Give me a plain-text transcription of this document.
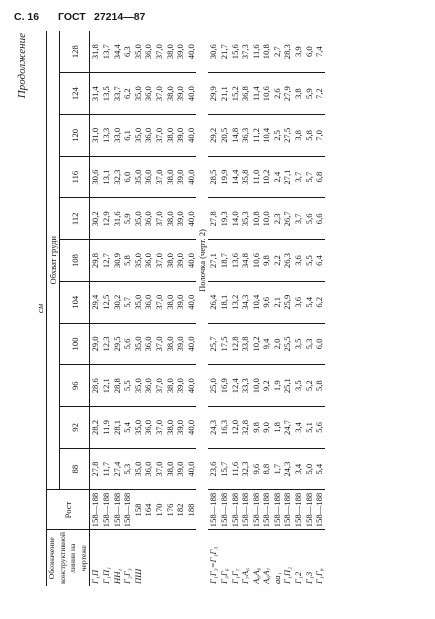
С. 16 ГОСТ 27214—87
Продолжение
см												
Обозначение конструктивной линии на чертеже	Рост	Обхват груди										
		88	92	96	100	104	108	112	116	120	124	128
Г₁П	158—188	27,8	28,2	28,6	29,0	29,4	29,8	30,2	30,6	31,0	31,4	31,8
Г₁П₁	158—188	11,7	11,9	12,1	12,3	12,5	12,7	12,9	13,1	13,3	13,5	13,7
НН₁	158—188	27,4	28,1	28,8	29,5	30,2	30,9	31,6	32,3	33,0	33,7	34,4
Г₂Г₃	158—188	5,3	5,4	5,5	5,6	5,7	5,8	5,9	6,0	6,1	6,2	6,3
ПШ	158	35,0	35,0	35,0	35,0	35,0	35,0	35,0	35,0	35,0	35,0	35,0
	164	36,0	36,0	36,0	36,0	36,0	36,0	36,0	36,0	36,0	36,0	36,0
	170	37,0	37,0	37,0	37,0	37,0	37,0	37,0	37,0	37,0	37,0	37,0
	176	38,0	38,0	38,0	38,0	38,0	38,0	38,0	38,0	38,0	38,0	38,0
	182	39,0	39,0	39,0	39,0	39,0	39,0	39,0	39,0	39,0	39,0	39,0
	188	40,0	40,0	40,0	40,0	40,0	40,0	40,0	40,0	40,0	40,0	40,0
		Полочка (черт. 2)										
Г₁Г₃=Г₁Г₃	158—188	23,6	24,3	25,0	25,7	26,4	27,1	27,8	28,5	29,2	29,9	30,6
Г₃Г₆	158—188	15,7	16,3	16,9	17,5	18,1	18,7	19,3	19,9	20,5	21,1	21,7
Г₁Г₇	158—188	11,6	12,0	12,4	12,8	13,2	13,6	14,0	14,4	14,8	15,2	15,6
Г₇А₆	158—188	32,3	32,8	33,3	33,8	34,3	34,8	35,3	35,8	36,3	36,8	37,3
А₆А₆	158—188	9,6	9,8	10,0	10,2	10,4	10,6	10,8	11,0	11,2	11,4	11,6
А₆А₇	158—188	8,8	9,0	9,2	9,4	9,6	9,8	10,0	10,2	10,4	10,6	10,8
аа₁	158—188	1,7	1,8	1,9	2,0	2,1	2,2	2,3	2,4	2,5	2,6	2,7
Г₁П₂	158—188	24,3	24,7	25,1	25,5	25,9	26,3	26,7	27,1	27,5	27,9	28,3
Г₁2	158—188	3,4	3,4	3,5	3,5	3,6	3,6	3,7	3,7	3,8	3,8	3,9
Г₁3	158—188	5,0	5,1	5,2	5,3	5,4	5,5	5,6	5,7	5,8	5,9	6,0
Г₁Г₈	158—188	5,4	5,6	5,8	6,0	6,2	6,4	6,6	6,8	7,0	7,2	7,4
